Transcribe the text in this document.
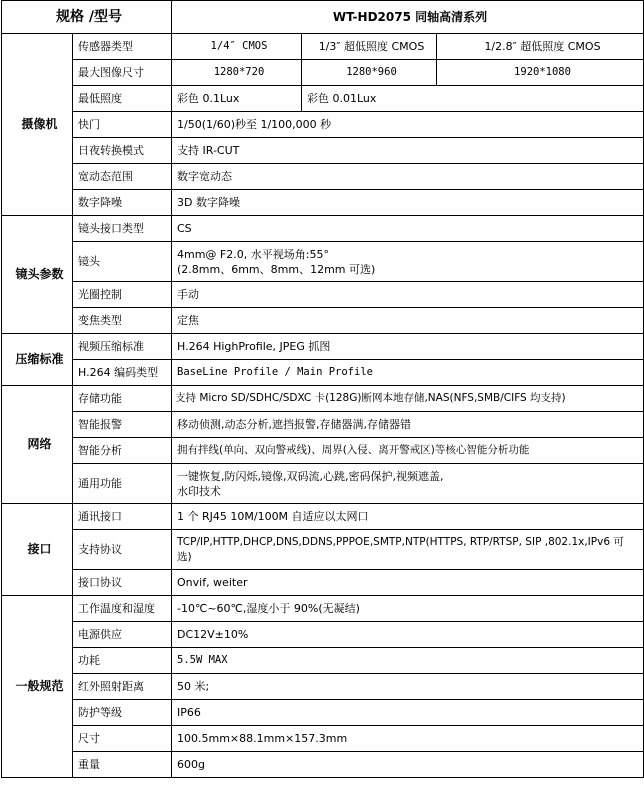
规格 /型号		WT-HD2075 同轴高清系列		
摄像机	传感器类型	1/4″ CMOS	1/3″ 超低照度 CMOS	1/2.8″ 超低照度 CMOS
	最大图像尺寸	1280*720	1280*960	1920*1080
	最低照度	彩色 0.1Lux	彩色 0.01Lux	
	快门	1/50(1/60)秒至 1/100,000 秒		
	日夜转换模式	支持 IR-CUT		
	宽动态范围	数字宽动态		
	数字降噪	3D 数字降噪		
镜头参数	镜头接口类型	CS		
	镜头	4mm@ F2.0, 水平视场角:55°
(2.8mm、6mm、8mm、12mm 可选)		

	光圈控制	手动		
	变焦类型	定焦		
压缩标准	视频压缩标准	H.264 HighProfile, JPEG 抓图		
	H.264 编码类型	BaseLine Profile / Main Profile		
网络	存储功能	支持 Micro SD/SDHC/SDXC 卡(128G)断网本地存储,NAS(NFS,SMB/CIFS 均支持)		
	智能报警	移动侦测,动态分析,遮挡报警,存储器满,存储器错		
	智能分析	拥有拌线(单向、双向警戒线)、周界(入侵、离开警戒区)等核心智能分析功能		
	通用功能	一键恢复,防闪烁,镜像,双码流,心跳,密码保护,视频遮盖,
水印技术		

接口	通讯接口	1 个 RJ45 10M/100M 自适应以太网口		
	支持协议	TCP/IP,HTTP,DHCP,DNS,DDNS,PPPOE,SMTP,NTP(HTTPS, RTP/RTSP, SIP ,802.1x,IPv6 可
选)		

	接口协议	Onvif, weiter		
一般规范	工作温度和湿度	-10℃~60℃,湿度小于 90%(无凝结)		
	电源供应	DC12V±10%		
	功耗	5.5W MAX		
	红外照射距离	50 米;		
	防护等级	IP66		
	尺寸	100.5mm×88.1mm×157.3mm		
	重量	600g		
